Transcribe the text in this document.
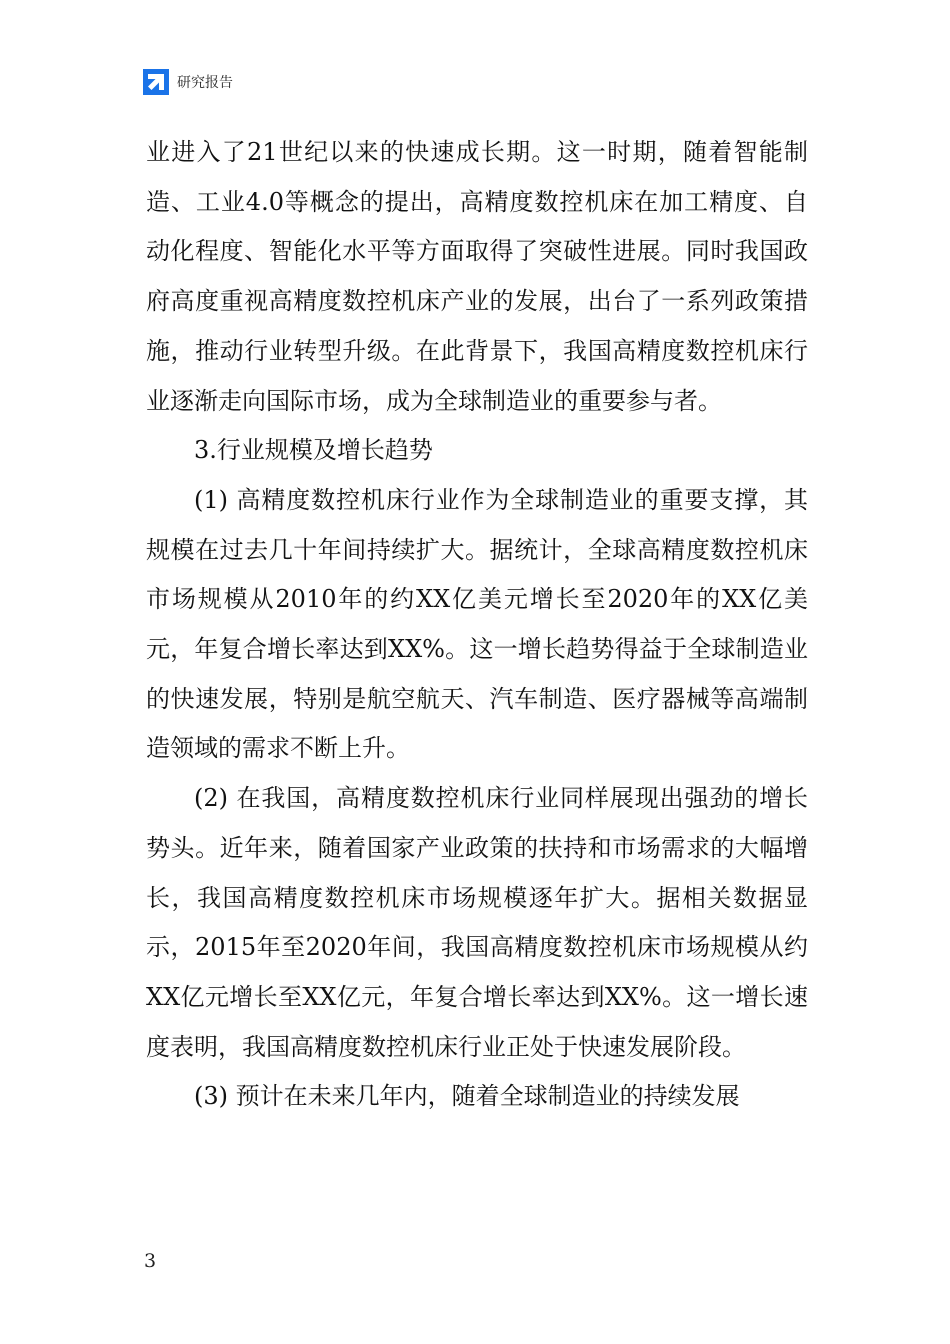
研究报告

业进入了21世纪以来的快速成长期。这一时期，随着智能制造、工业4.0等概念的提出，高精度数控机床在加工精度、自动化程度、智能化水平等方面取得了突破性进展。同时我国政府高度重视高精度数控机床产业的发展，出台了一系列政策措施，推动行业转型升级。在此背景下，我国高精度数控机床行业逐渐走向国际市场，成为全球制造业的重要参与者。

3.行业规模及增长趋势

(1) 高精度数控机床行业作为全球制造业的重要支撑，其规模在过去几十年间持续扩大。据统计，全球高精度数控机床市场规模从2010年的约XX亿美元增长至2020年的XX亿美元，年复合增长率达到XX%。这一增长趋势得益于全球制造业的快速发展，特别是航空航天、汽车制造、医疗器械等高端制造领域的需求不断上升。

(2) 在我国，高精度数控机床行业同样展现出强劲的增长势头。近年来，随着国家产业政策的扶持和市场需求的大幅增长，我国高精度数控机床市场规模逐年扩大。据相关数据显示，2015年至2020年间，我国高精度数控机床市场规模从约XX亿元增长至XX亿元，年复合增长率达到XX%。这一增长速度表明，我国高精度数控机床行业正处于快速发展阶段。

(3) 预计在未来几年内，随着全球制造业的持续发展

3
